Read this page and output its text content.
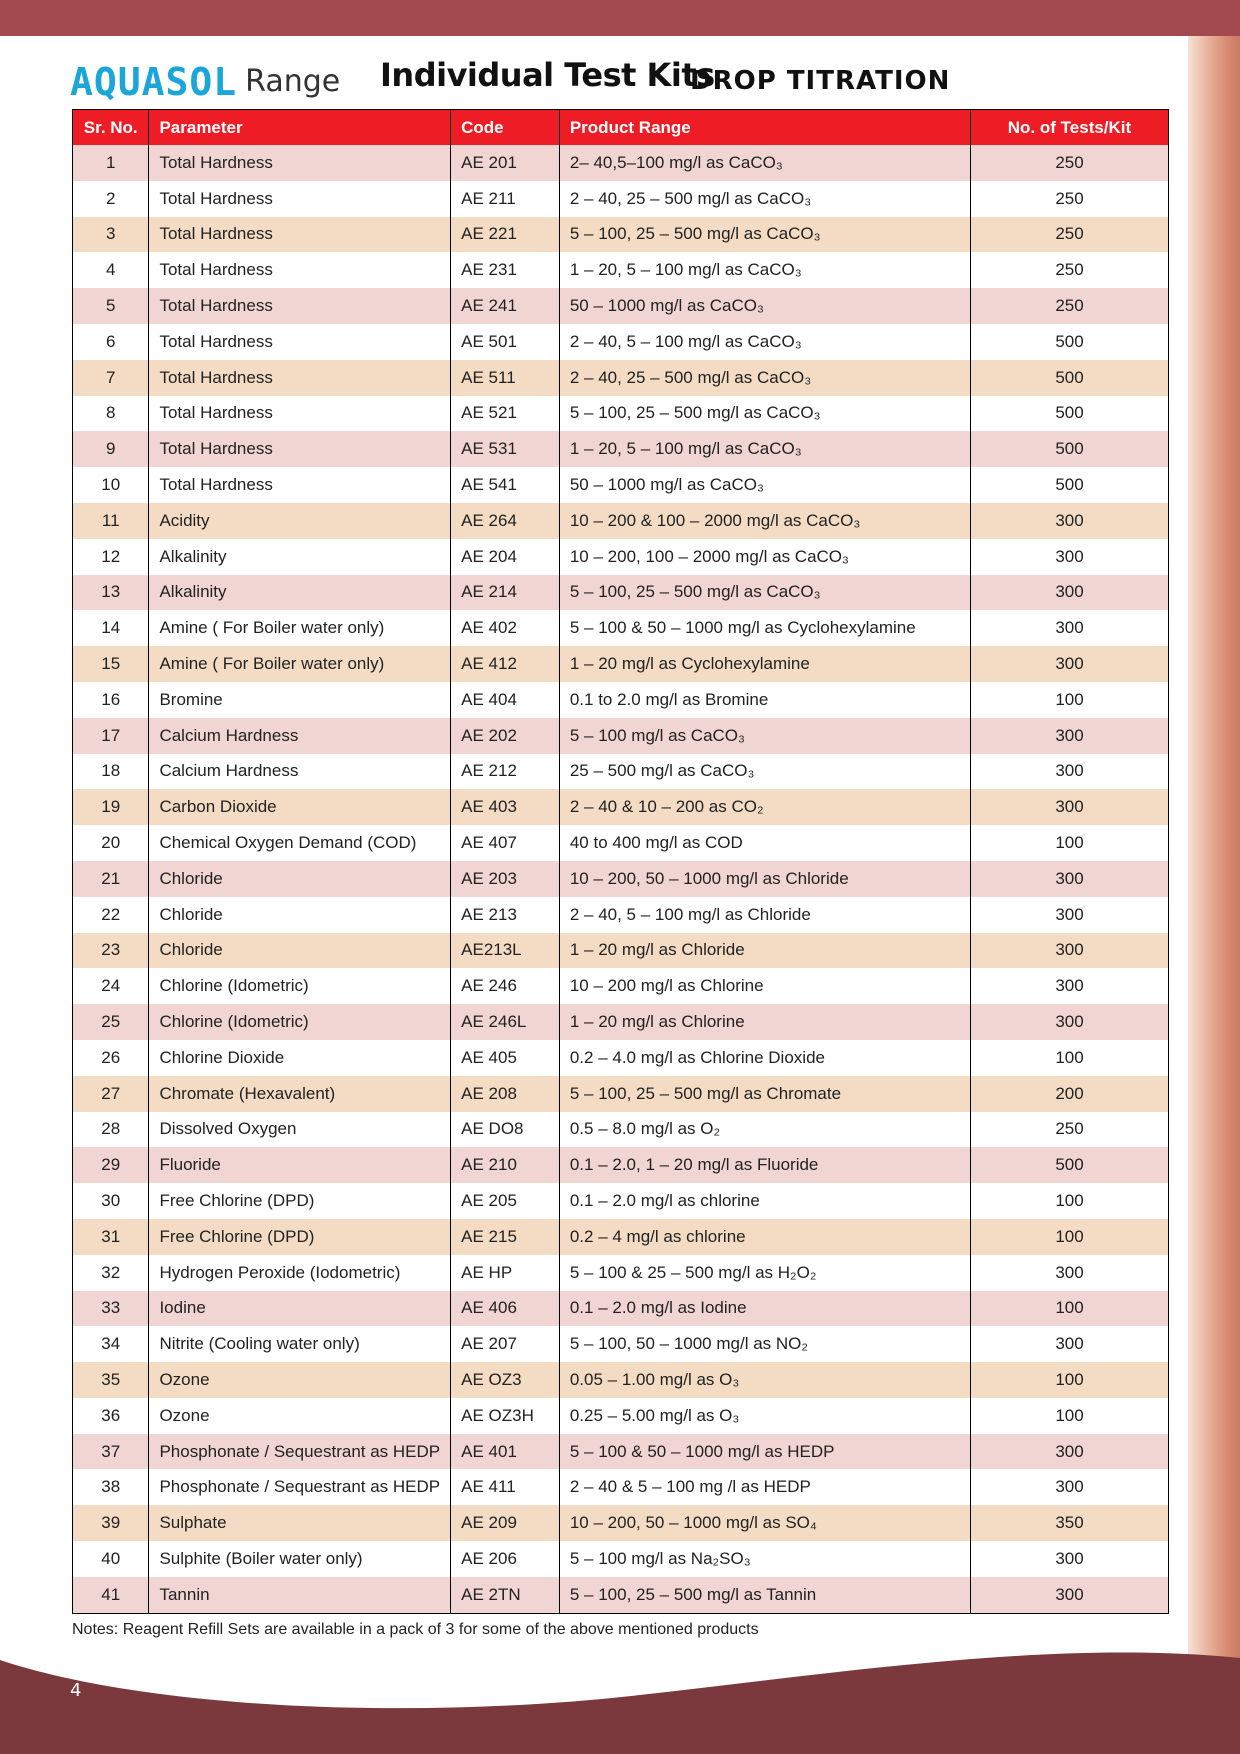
AQUASOL Range Individual Test Kits
DROP TITRATION
Sr. No.	Parameter	Code	Product Range	No. of Tests/Kit
1	Total Hardness	AE 201	2– 40,5–100 mg/l as CaCO₃	250
2	Total Hardness	AE 211	2 – 40, 25 – 500 mg/l as CaCO₃	250
3	Total Hardness	AE 221	5 – 100, 25 – 500 mg/l as CaCO₃	250
4	Total Hardness	AE 231	1 – 20, 5 – 100 mg/l as CaCO₃	250
5	Total Hardness	AE 241	50 – 1000 mg/l as CaCO₃	250
6	Total Hardness	AE 501	2 – 40, 5 – 100 mg/l as CaCO₃	500
7	Total Hardness	AE 511	2 – 40, 25 – 500 mg/l as CaCO₃	500
8	Total Hardness	AE 521	5 – 100, 25 – 500 mg/l as CaCO₃	500
9	Total Hardness	AE 531	1 – 20, 5 – 100 mg/l as CaCO₃	500
10	Total Hardness	AE 541	50 – 1000 mg/l as CaCO₃	500
11	Acidity	AE 264	10 – 200 & 100 – 2000 mg/l as CaCO₃	300
12	Alkalinity	AE 204	10 – 200, 100 – 2000 mg/l as CaCO₃	300
13	Alkalinity	AE 214	5 – 100, 25 – 500 mg/l as CaCO₃	300
14	Amine ( For Boiler water only)	AE 402	5 – 100 & 50 – 1000 mg/l as Cyclohexylamine	300
15	Amine ( For Boiler water only)	AE 412	1 – 20 mg/l as Cyclohexylamine	300
16	Bromine	AE 404	0.1 to 2.0 mg/l as Bromine	100
17	Calcium Hardness	AE 202	5 – 100 mg/l as CaCO₃	300
18	Calcium Hardness	AE 212	25 – 500 mg/l as CaCO₃	300
19	Carbon Dioxide	AE 403	2 – 40 & 10 – 200 as CO₂	300
20	Chemical Oxygen Demand (COD)	AE 407	40 to 400 mg/l as COD	100
21	Chloride	AE 203	10 – 200, 50 – 1000 mg/l as Chloride	300
22	Chloride	AE 213	2 – 40, 5 – 100 mg/l as Chloride	300
23	Chloride	AE213L	1 – 20 mg/l as Chloride	300
24	Chlorine (Idometric)	AE 246	10 – 200 mg/l as Chlorine	300
25	Chlorine (Idometric)	AE 246L	1 – 20 mg/l as Chlorine	300
26	Chlorine Dioxide	AE 405	0.2 – 4.0 mg/l as Chlorine Dioxide	100
27	Chromate (Hexavalent)	AE 208	5 – 100, 25 – 500 mg/l as Chromate	200
28	Dissolved Oxygen	AE DO8	0.5 – 8.0 mg/l as O₂	250
29	Fluoride	AE 210	0.1 – 2.0, 1 – 20 mg/l as Fluoride	500
30	Free Chlorine (DPD)	AE 205	0.1 – 2.0 mg/l as chlorine	100
31	Free Chlorine (DPD)	AE 215	0.2 – 4 mg/l as chlorine	100
32	Hydrogen Peroxide (Iodometric)	AE HP	5 – 100 & 25 – 500 mg/l as H₂O₂	300
33	Iodine	AE 406	0.1 – 2.0 mg/l as Iodine	100
34	Nitrite (Cooling water only)	AE 207	5 – 100, 50 – 1000 mg/l as NO₂	300
35	Ozone	AE OZ3	0.05 – 1.00 mg/l as O₃	100
36	Ozone	AE OZ3H	0.25 – 5.00 mg/l as O₃	100
37	Phosphonate / Sequestrant as HEDP	AE 401	5 – 100 & 50 – 1000 mg/l as HEDP	300
38	Phosphonate / Sequestrant as HEDP	AE 411	2 – 40 & 5 – 100 mg /l as HEDP	300
39	Sulphate	AE 209	10 – 200, 50 – 1000 mg/l as SO₄	350
40	Sulphite (Boiler water only)	AE 206	5 – 100 mg/l as Na₂SO₃	300
41	Tannin	AE 2TN	5 – 100, 25 – 500 mg/l as Tannin	300
Notes: Reagent Refill Sets are available in a pack of 3 for some of the above mentioned products
4
